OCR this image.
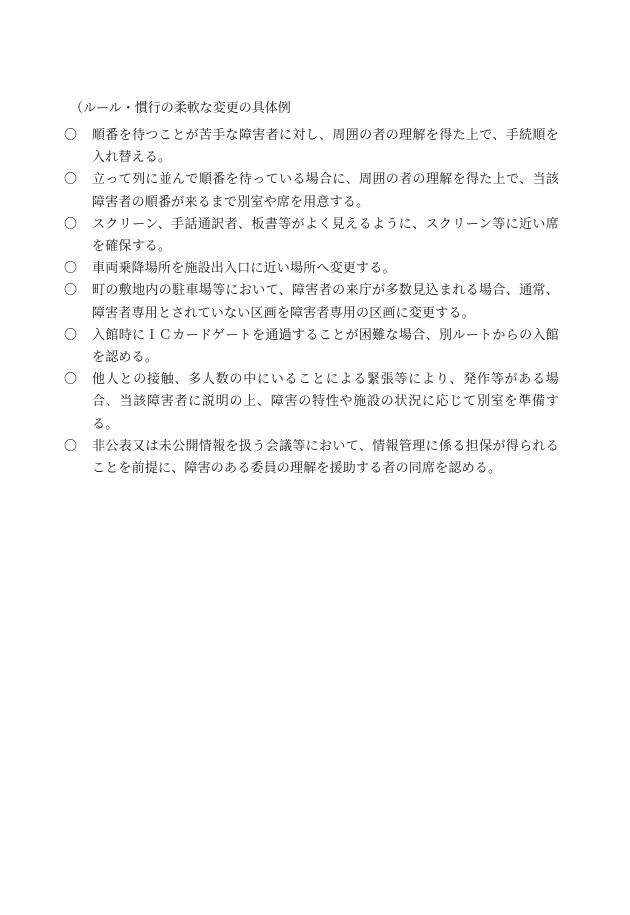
（ルール・慣行の柔軟な変更の具体例
〇	順番を待つことが苦手な障害者に対し、周囲の者の理解を得た上で、手続順を入れ替える。
〇	立って列に並んで順番を待っている場合に、周囲の者の理解を得た上で、当該障害者の順番が来るまで別室や席を用意する。
〇	スクリーン、手話通訳者、板書等がよく見えるように、スクリーン等に近い席を確保する。
〇	車両乗降場所を施設出入口に近い場所へ変更する。
〇	町の敷地内の駐車場等において、障害者の来庁が多数見込まれる場合、通常、障害者専用とされていない区画を障害者専用の区画に変更する。
〇	入館時にＩＣカードゲートを通過することが困難な場合、別ルートからの入館を認める。
〇	他人との接触、多人数の中にいることによる緊張等により、発作等がある場合、当該障害者に説明の上、障害の特性や施設の状況に応じて別室を準備する。
〇	非公表又は未公開情報を扱う会議等において、情報管理に係る担保が得られることを前提に、障害のある委員の理解を援助する者の同席を認める。
